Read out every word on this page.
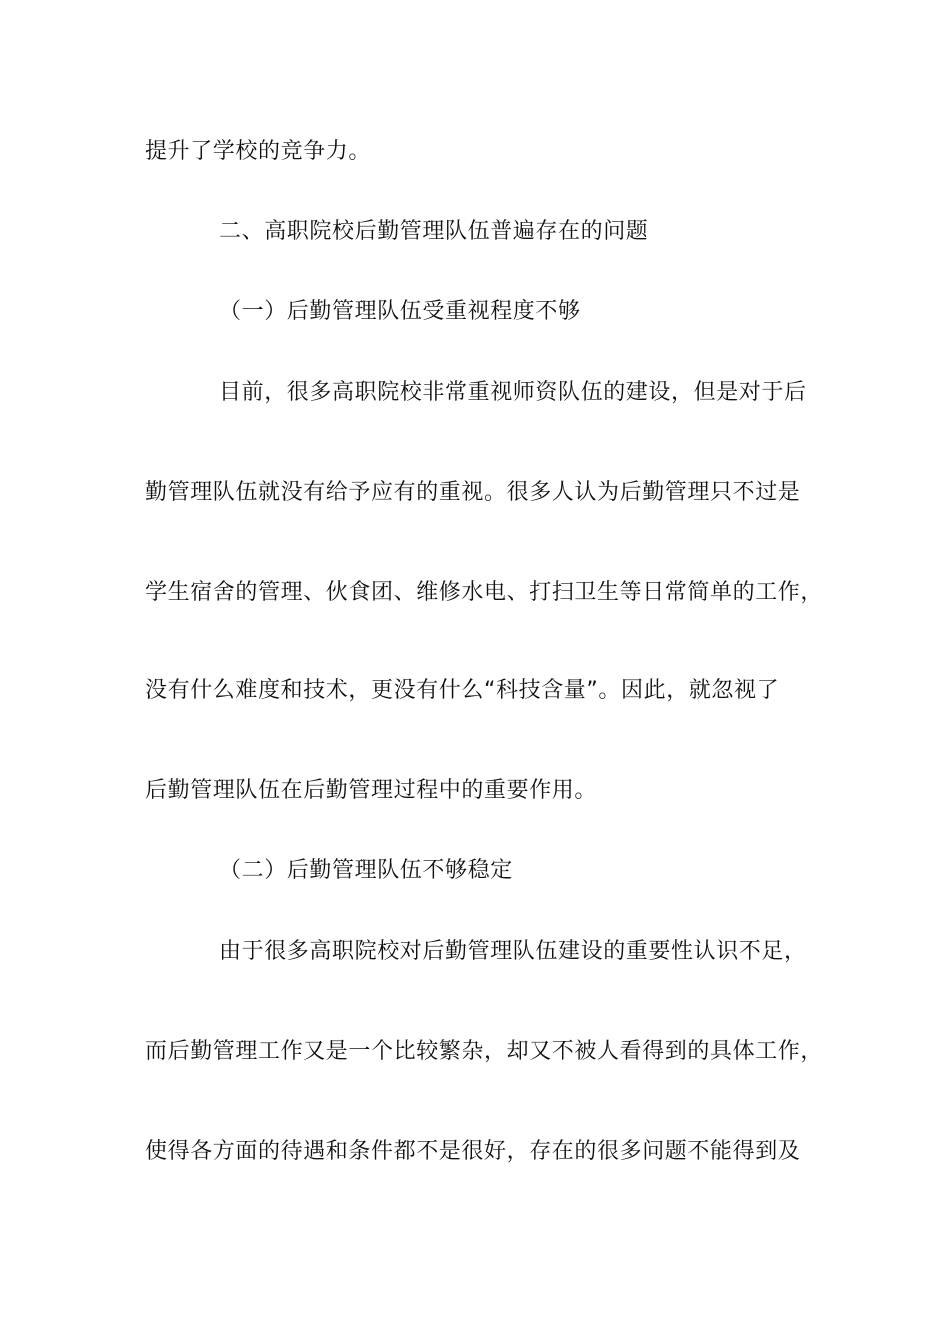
提升了学校的竞争力。
二、高职院校后勤管理队伍普遍存在的问题
（一）后勤管理队伍受重视程度不够
目前，很多高职院校非常重视师资队伍的建设，但是对于后
勤管理队伍就没有给予应有的重视。很多人认为后勤管理只不过是
学生宿舍的管理、伙食团、维修水电、打扫卫生等日常简单的工作，
没有什么难度和技术，更没有什么“科技含量”。因此，就忽视了
后勤管理队伍在后勤管理过程中的重要作用。
（二）后勤管理队伍不够稳定
由于很多高职院校对后勤管理队伍建设的重要性认识不足，
而后勤管理工作又是一个比较繁杂，却又不被人看得到的具体工作，
使得各方面的待遇和条件都不是很好，存在的很多问题不能得到及
